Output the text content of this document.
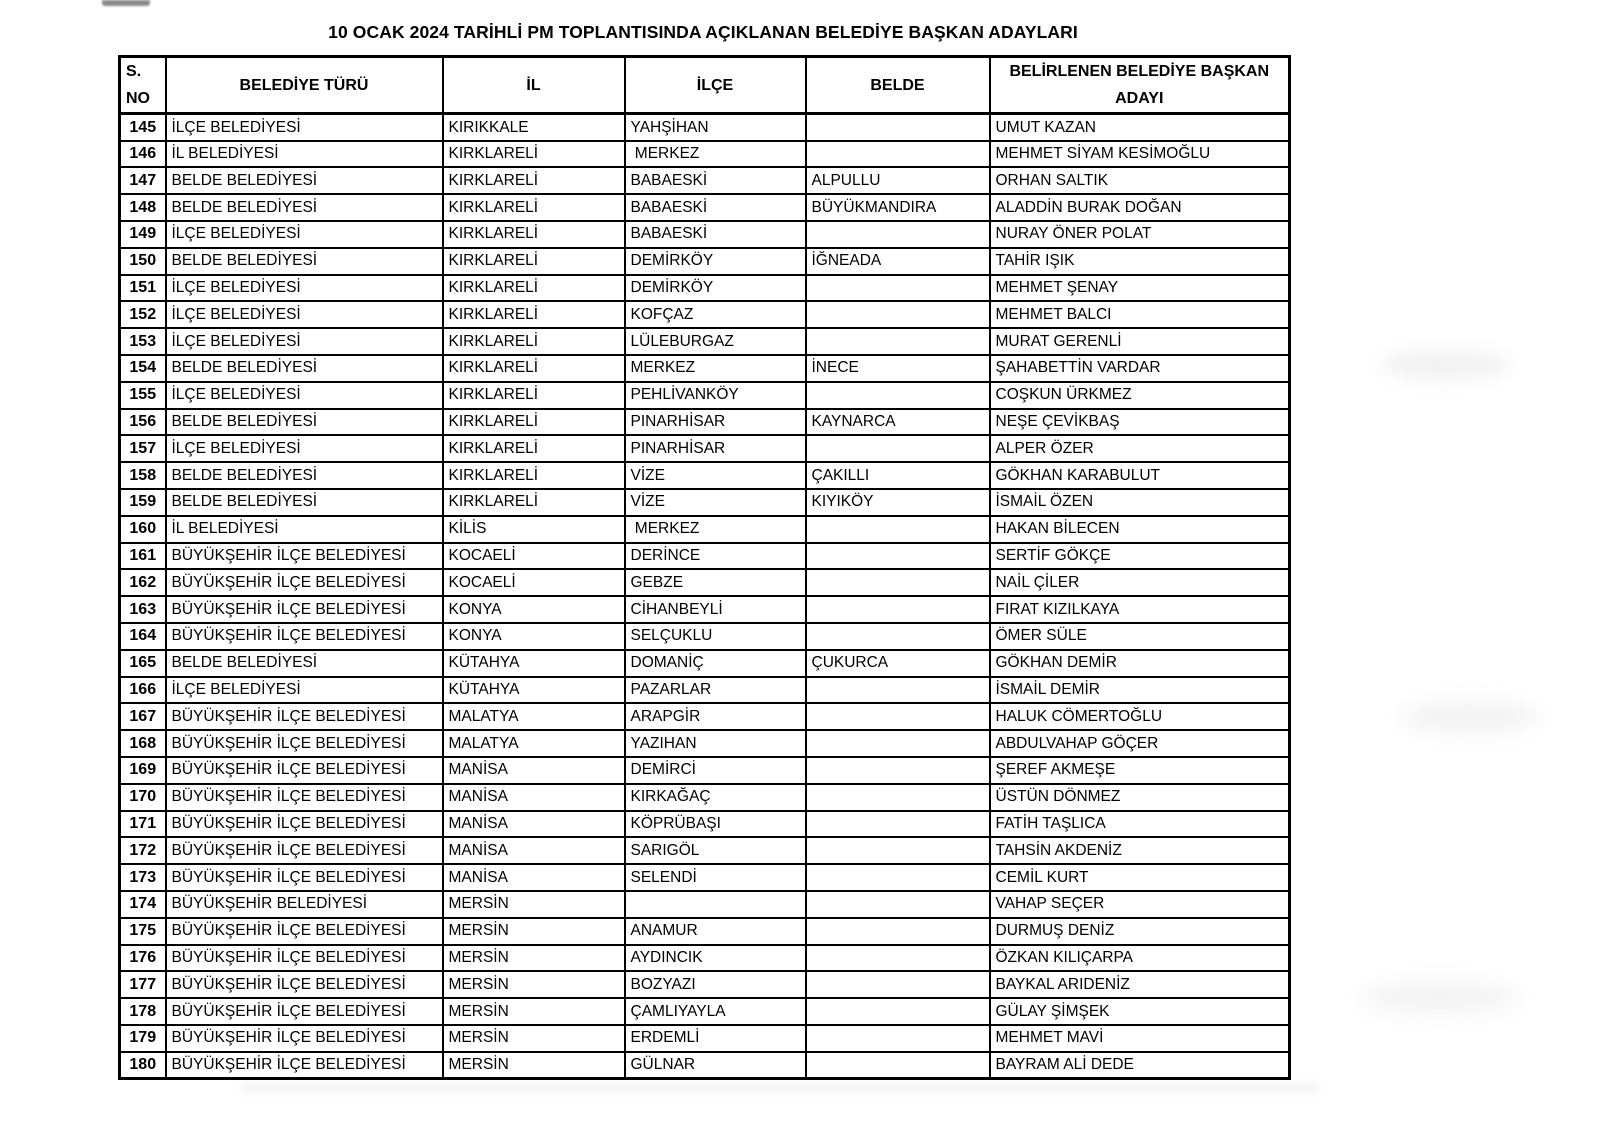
10 OCAK 2024 TARİHLİ PM TOPLANTISINDA AÇIKLANAN BELEDİYE BAŞKAN ADAYLARI
S. NO	BELEDİYE TÜRÜ	İL	İLÇE	BELDE	BELİRLENEN BELEDİYE BAŞKAN ADAYI
145	İLÇE BELEDİYESİ	KIRIKKALE	YAHŞİHAN		UMUT KAZAN
146	İL BELEDİYESİ	KIRKLARELİ	MERKEZ		MEHMET SİYAM KESİMOĞLU
147	BELDE BELEDİYESİ	KIRKLARELİ	BABAESKİ	ALPULLU	ORHAN SALTIK
148	BELDE BELEDİYESİ	KIRKLARELİ	BABAESKİ	BÜYÜKMANDIRA	ALADDİN BURAK DOĞAN
149	İLÇE BELEDİYESİ	KIRKLARELİ	BABAESKİ		NURAY ÖNER POLAT
150	BELDE BELEDİYESİ	KIRKLARELİ	DEMİRKÖY	İĞNEADA	TAHİR IŞIK
151	İLÇE BELEDİYESİ	KIRKLARELİ	DEMİRKÖY		MEHMET ŞENAY
152	İLÇE BELEDİYESİ	KIRKLARELİ	KOFÇAZ		MEHMET BALCI
153	İLÇE BELEDİYESİ	KIRKLARELİ	LÜLEBURGAZ		MURAT GERENLİ
154	BELDE BELEDİYESİ	KIRKLARELİ	MERKEZ	İNECE	ŞAHABETTİN VARDAR
155	İLÇE BELEDİYESİ	KIRKLARELİ	PEHLİVANKÖY		COŞKUN ÜRKMEZ
156	BELDE BELEDİYESİ	KIRKLARELİ	PINARHİSAR	KAYNARCA	NEŞE ÇEVİKBAŞ
157	İLÇE BELEDİYESİ	KIRKLARELİ	PINARHİSAR		ALPER ÖZER
158	BELDE BELEDİYESİ	KIRKLARELİ	VİZE	ÇAKILLI	GÖKHAN KARABULUT
159	BELDE BELEDİYESİ	KIRKLARELİ	VİZE	KIYIKÖY	İSMAİL ÖZEN
160	İL BELEDİYESİ	KİLİS	MERKEZ		HAKAN BİLECEN
161	BÜYÜKŞEHİR İLÇE BELEDİYESİ	KOCAELİ	DERİNCE		SERTİF GÖKÇE
162	BÜYÜKŞEHİR İLÇE BELEDİYESİ	KOCAELİ	GEBZE		NAİL ÇİLER
163	BÜYÜKŞEHİR İLÇE BELEDİYESİ	KONYA	CİHANBEYLİ		FIRAT KIZILKAYA
164	BÜYÜKŞEHİR İLÇE BELEDİYESİ	KONYA	SELÇUKLU		ÖMER SÜLE
165	BELDE BELEDİYESİ	KÜTAHYA	DOMANİÇ	ÇUKURCA	GÖKHAN DEMİR
166	İLÇE BELEDİYESİ	KÜTAHYA	PAZARLAR		İSMAİL DEMİR
167	BÜYÜKŞEHİR İLÇE BELEDİYESİ	MALATYA	ARAPGİR		HALUK CÖMERTOĞLU
168	BÜYÜKŞEHİR İLÇE BELEDİYESİ	MALATYA	YAZIHAN		ABDULVAHAP GÖÇER
169	BÜYÜKŞEHİR İLÇE BELEDİYESİ	MANİSA	DEMİRCİ		ŞEREF AKMEŞE
170	BÜYÜKŞEHİR İLÇE BELEDİYESİ	MANİSA	KIRKAĞAÇ		ÜSTÜN DÖNMEZ
171	BÜYÜKŞEHİR İLÇE BELEDİYESİ	MANİSA	KÖPRÜBAŞI		FATİH TAŞLICA
172	BÜYÜKŞEHİR İLÇE BELEDİYESİ	MANİSA	SARIGÖL		TAHSİN AKDENİZ
173	BÜYÜKŞEHİR İLÇE BELEDİYESİ	MANİSA	SELENDİ		CEMİL KURT
174	BÜYÜKŞEHİR BELEDİYESİ	MERSİN			VAHAP SEÇER
175	BÜYÜKŞEHİR İLÇE BELEDİYESİ	MERSİN	ANAMUR		DURMUŞ DENİZ
176	BÜYÜKŞEHİR İLÇE BELEDİYESİ	MERSİN	AYDINCIK		ÖZKAN KILIÇARPA
177	BÜYÜKŞEHİR İLÇE BELEDİYESİ	MERSİN	BOZYAZI		BAYKAL ARIDENİZ
178	BÜYÜKŞEHİR İLÇE BELEDİYESİ	MERSİN	ÇAMLIYAYLA		GÜLAY ŞİMŞEK
179	BÜYÜKŞEHİR İLÇE BELEDİYESİ	MERSİN	ERDEMLİ		MEHMET MAVİ
180	BÜYÜKŞEHİR İLÇE BELEDİYESİ	MERSİN	GÜLNAR		BAYRAM ALİ DEDE
